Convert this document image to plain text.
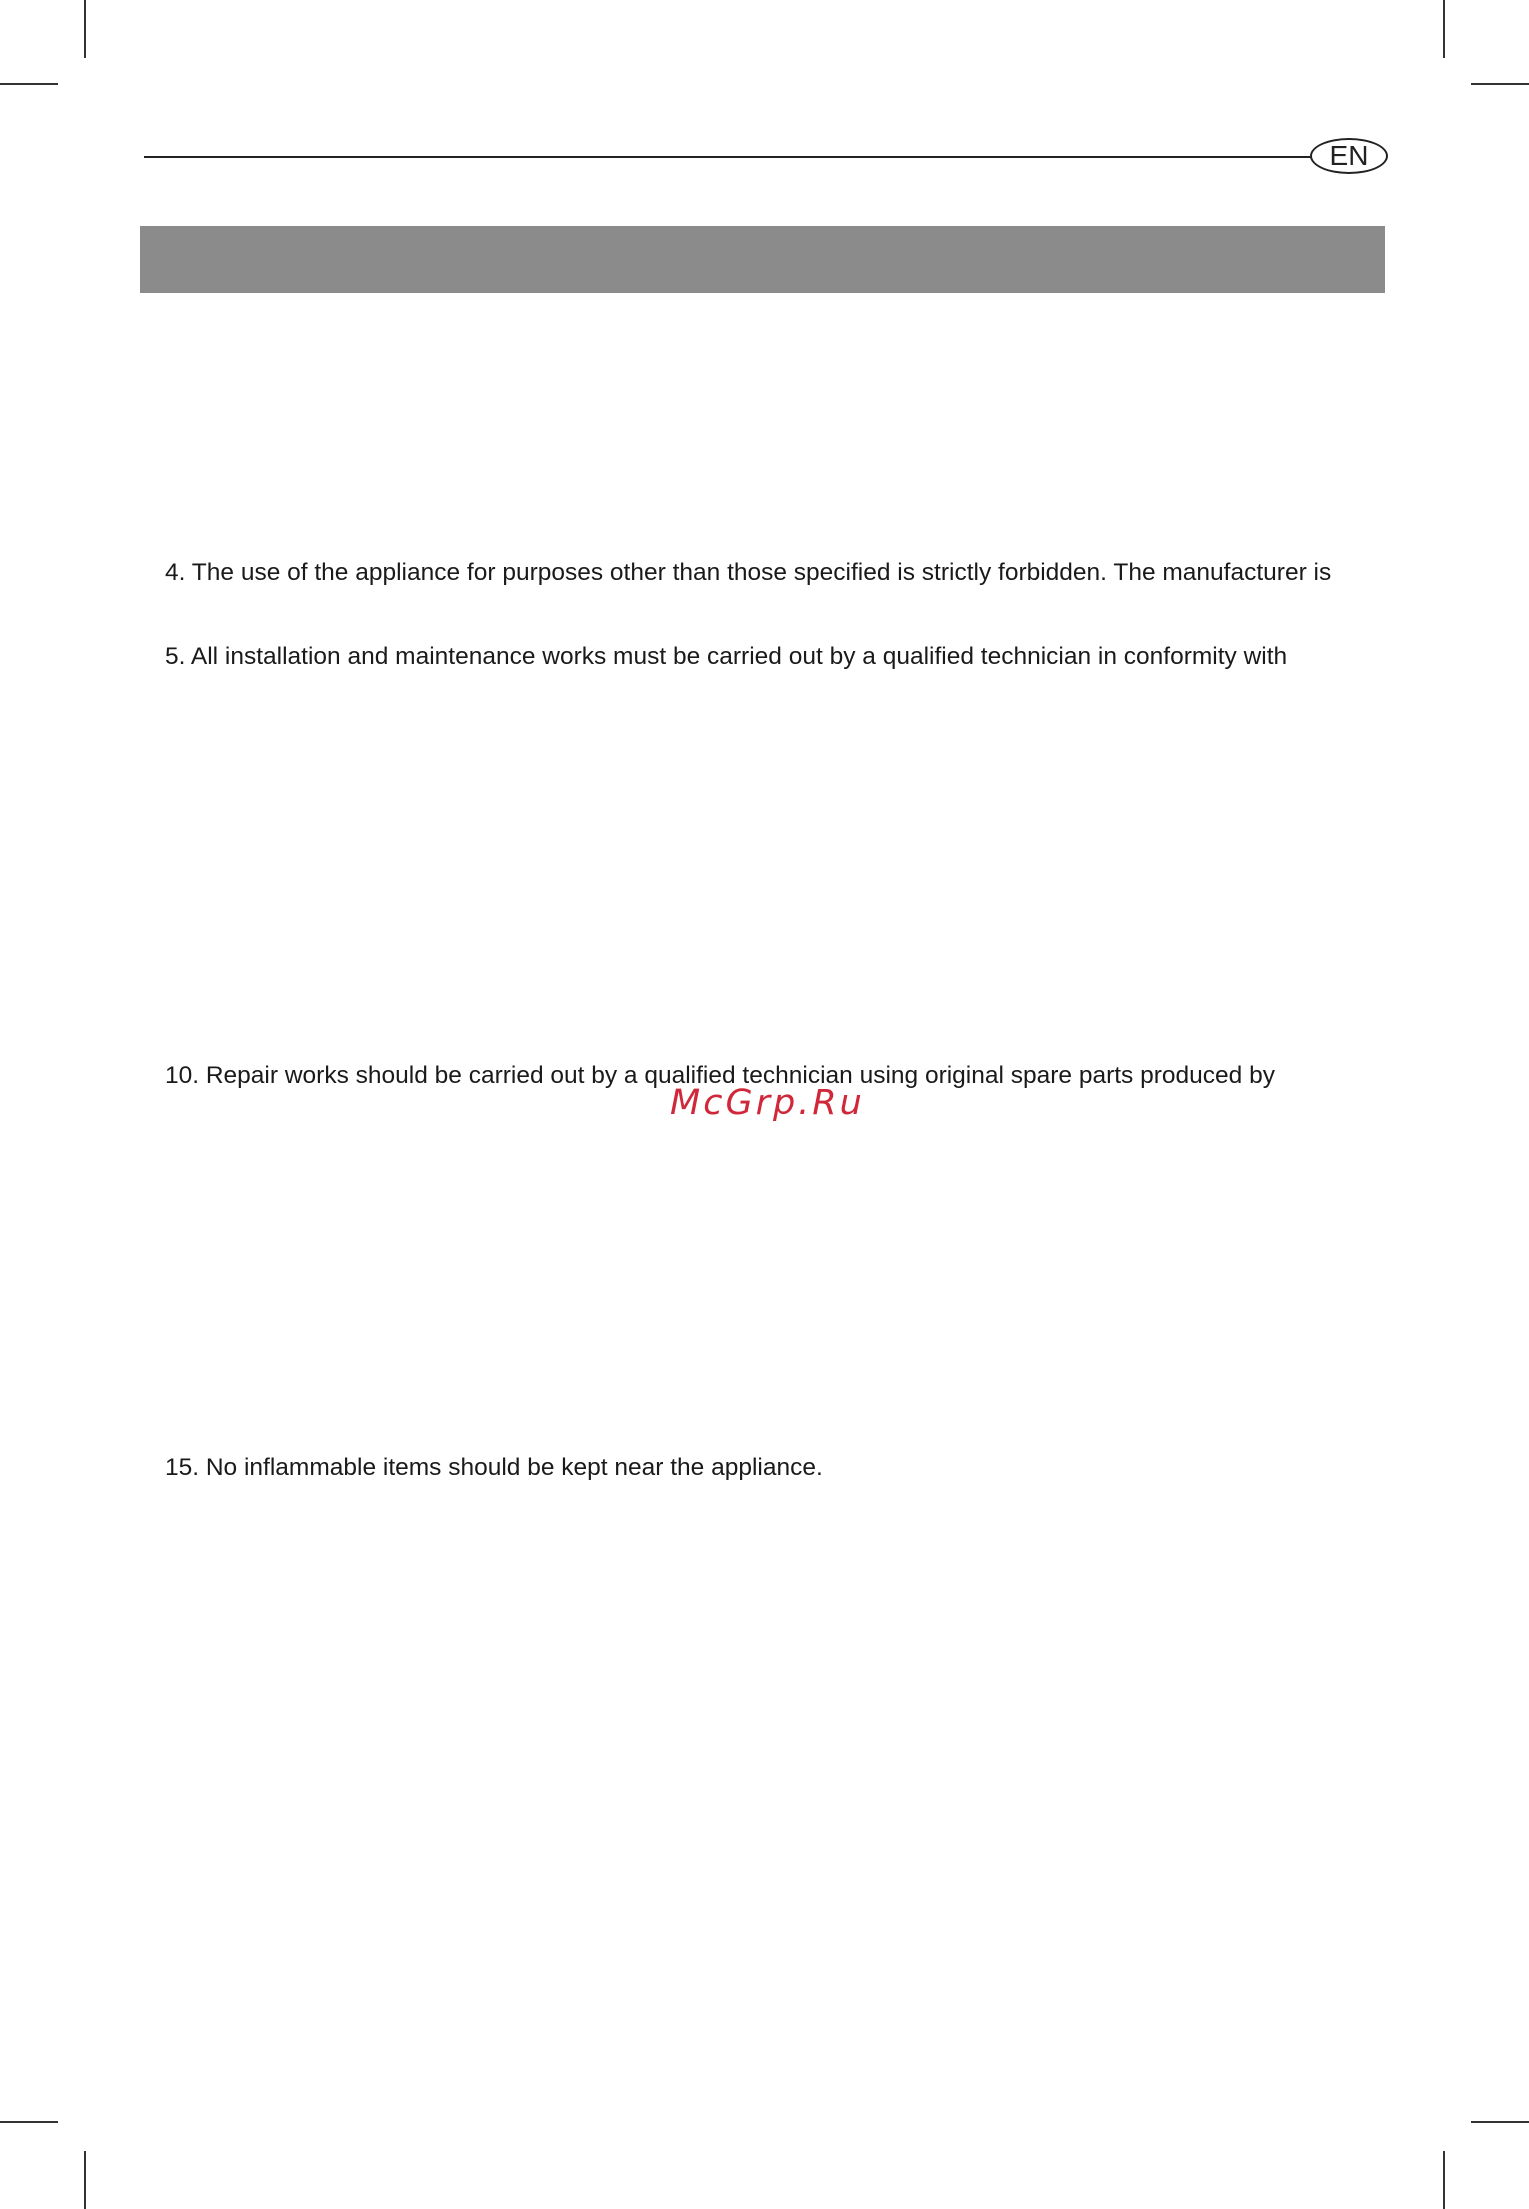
EN

4. The use of the appliance for purposes other than those specified is strictly forbidden. The manufacturer is

5. All installation and maintenance works must be carried out by a qualified technician in conformity with

10. Repair works should be carried out by a qualified technician using original spare parts produced by

15. No inflammable items should be kept near the appliance.

McGrp.Ru
